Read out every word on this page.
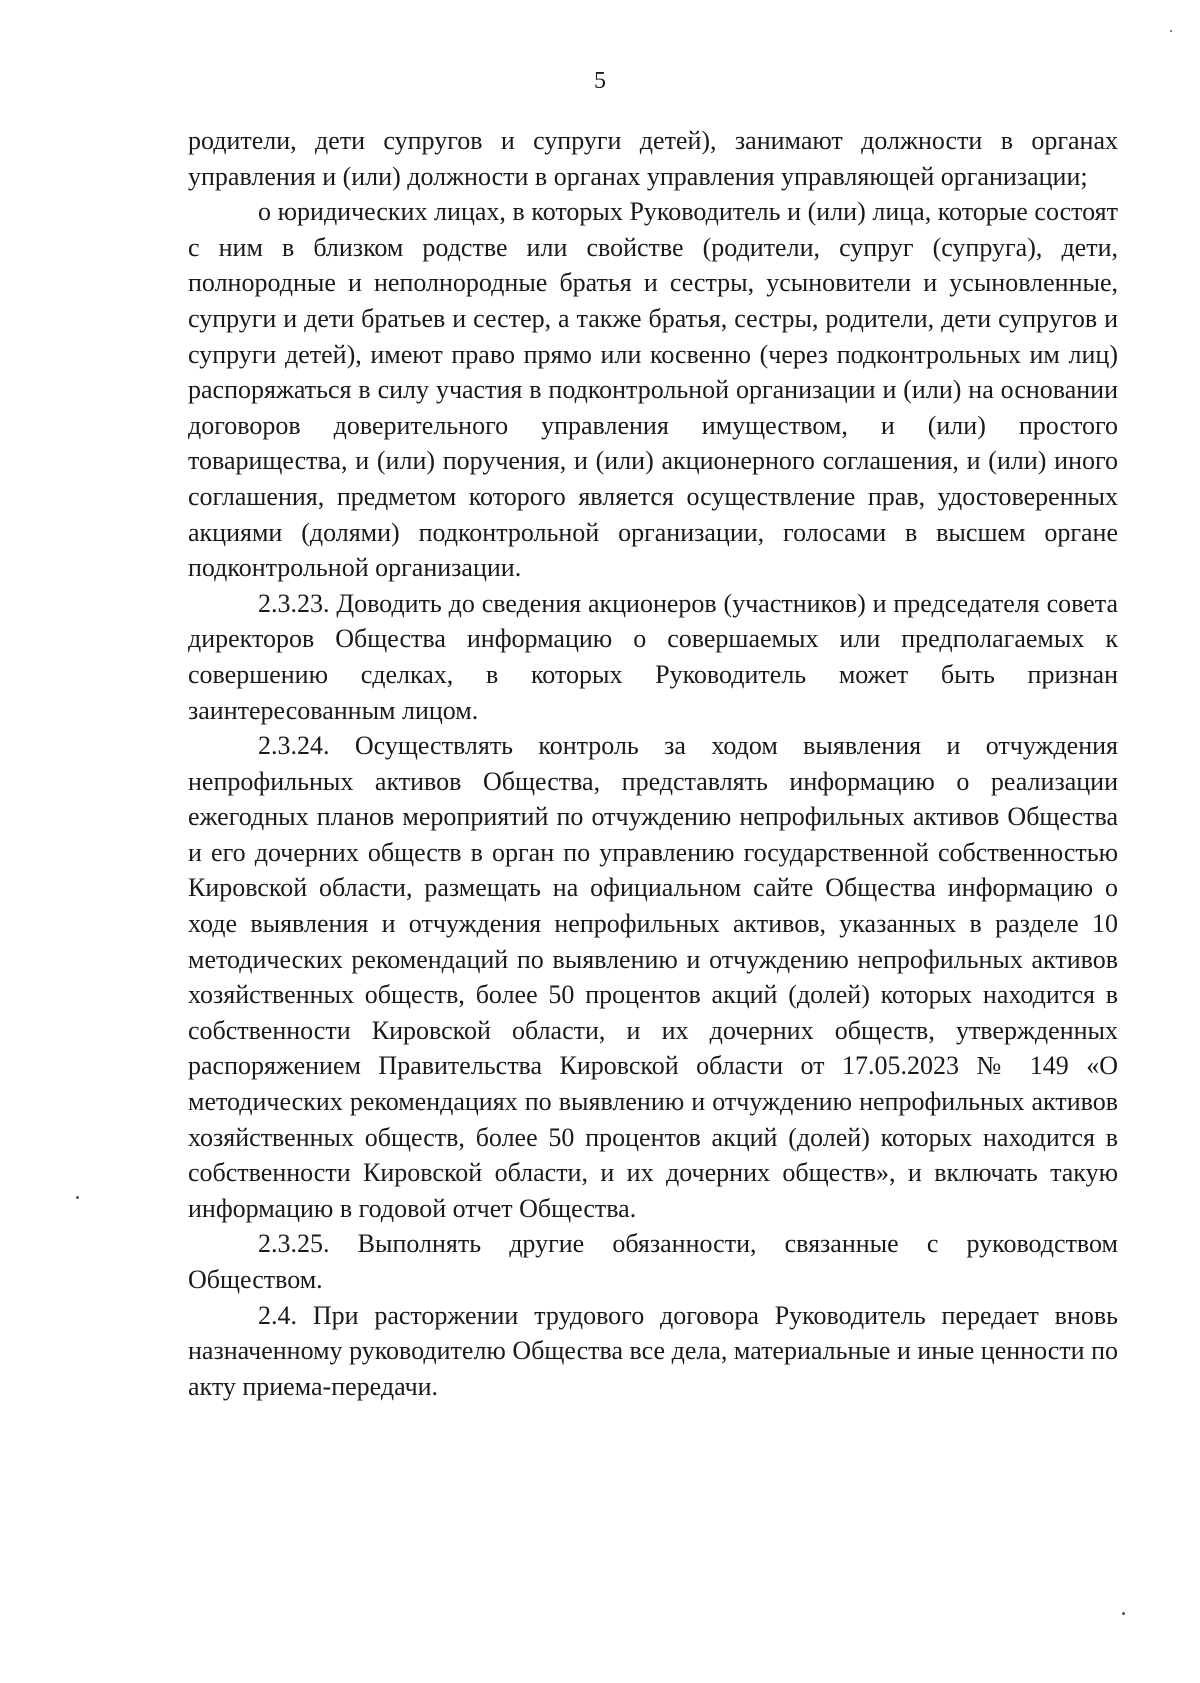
5

родители, дети супругов и супруги детей), занимают должности в органах управления и (или) должности в органах управления управляющей организации;

о юридических лицах, в которых Руководитель и (или) лица, которые состоят с ним в близком родстве или свойстве (родители, супруг (супруга), дети, полнородные и неполнородные братья и сестры, усыновители и усыновленные, супруги и дети братьев и сестер, а также братья, сестры, родители, дети супругов и супруги детей), имеют право прямо или косвенно (через подконтрольных им лиц) распоряжаться в силу участия в подконтрольной организации и (или) на основании договоров доверительного управления имуществом, и (или) простого товарищества, и (или) поручения, и (или) акционерного соглашения, и (или) иного соглашения, предметом которого является осуществление прав, удостоверенных акциями (долями) подконтрольной организации, голосами в высшем органе подконтрольной организации.

2.3.23. Доводить до сведения акционеров (участников) и председателя совета директоров Общества информацию о совершаемых или предполагаемых к совершению сделках, в которых Руководитель может быть признан заинтересованным лицом.

2.3.24. Осуществлять контроль за ходом выявления и отчуждения непрофильных активов Общества, представлять информацию о реализации ежегодных планов мероприятий по отчуждению непрофильных активов Общества и его дочерних обществ в орган по управлению государственной собственностью Кировской области, размещать на официальном сайте Общества информацию о ходе выявления и отчуждения непрофильных активов, указанных в разделе 10 методических рекомендаций по выявлению и отчуждению непрофильных активов хозяйственных обществ, более 50 процентов акций (долей) которых находится в собственности Кировской области, и их дочерних обществ, утвержденных распоряжением Правительства Кировской области от 17.05.2023 № 149 «О методических рекомендациях по выявлению и отчуждению непрофильных активов хозяйственных обществ, более 50 процентов акций (долей) которых находится в собственности Кировской области, и их дочерних обществ», и включать такую информацию в годовой отчет Общества.

2.3.25. Выполнять другие обязанности, связанные с руководством Обществом.

2.4. При расторжении трудового договора Руководитель передает вновь назначенному руководителю Общества все дела, материальные и иные ценности по акту приема-передачи.
